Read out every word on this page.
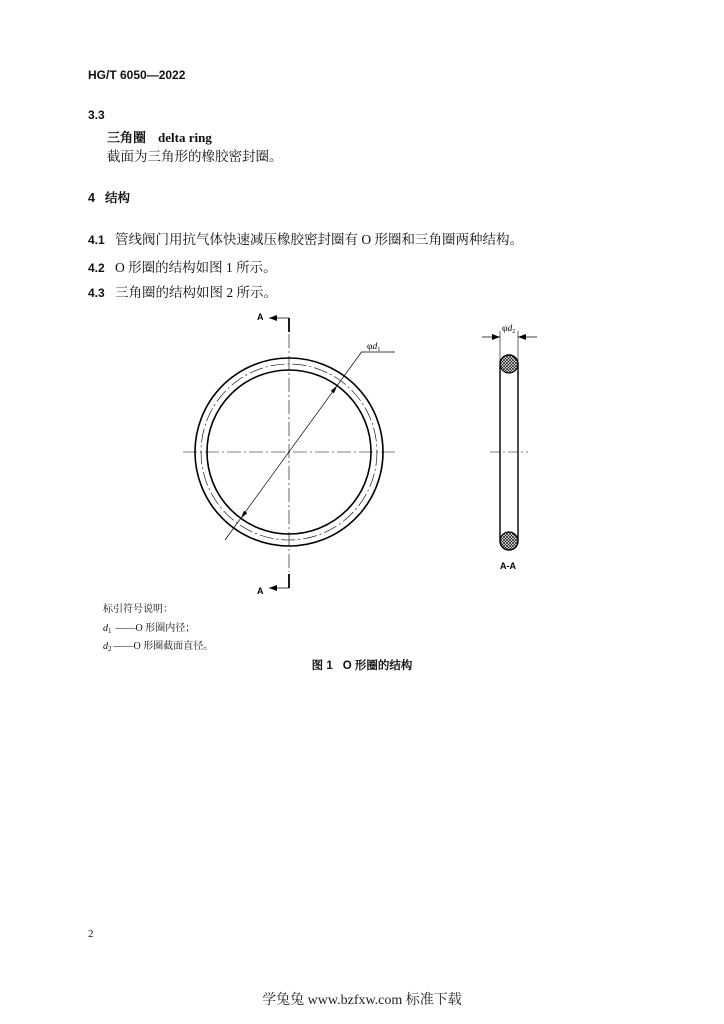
HG/T 6050—2022
3.3
三角圈 delta ring
截面为三角形的橡胶密封圈。
4 结构
4.1 管线阀门用抗气体快速减压橡胶密封圈有 O 形圈和三角圈两种结构。
4.2 O 形圈的结构如图 1 所示。
4.3 三角圈的结构如图 2 所示。
A
A
$\varphi d_1$
$\varphi d_2$
A-A
标引符号说明：
$d_1$ ——O 形圈内径；
$d_2$ ——O 形圈截面直径。
图 1 O 形圈的结构
2
学兔兔 www.bzfxw.com 标准下载
